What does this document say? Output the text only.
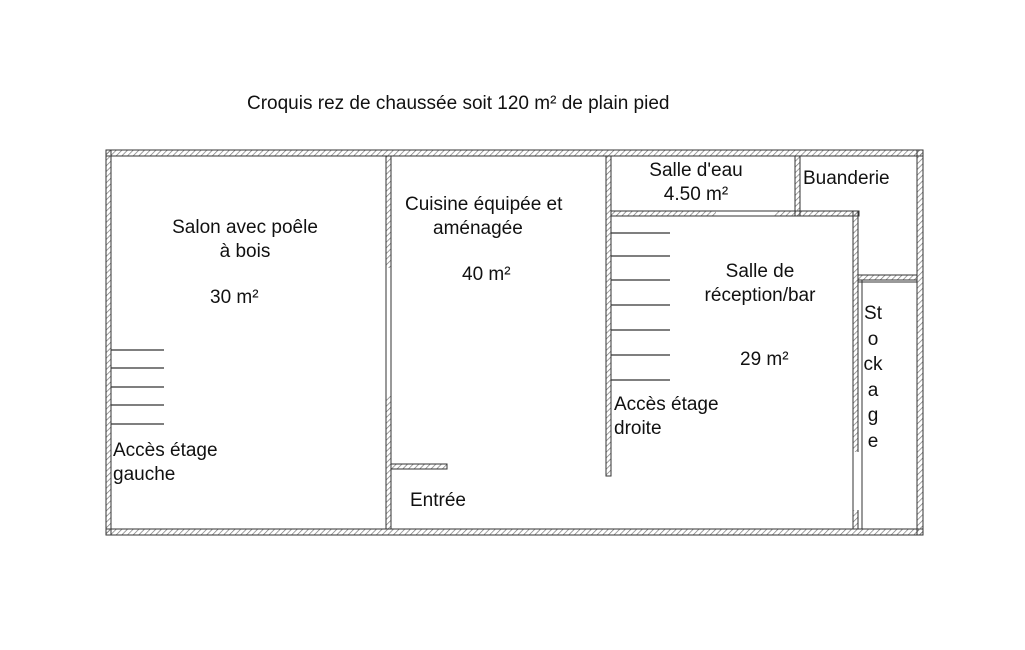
Croquis rez de chaussée soit 120 m² de plain pied
Salon avec poêle
à bois
30 m²
Cuisine équipée et
aménagée
40 m²
Salle d'eau
4.50 m²
Buanderie
Salle de
réception/bar
29 m²
Stockage
Entrée
Accès étage
gauche
Accès étage
droite
